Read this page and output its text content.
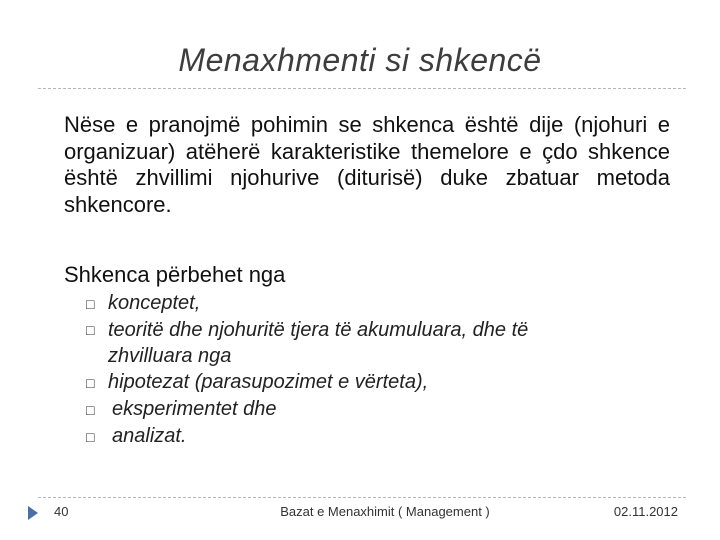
Menaxhmenti si shkencë
Nëse e pranojmë pohimin se shkenca është dije (njohuri e organizuar) atëherë karakteristike themelore e çdo shkence është zhvillimi njohurive (diturisë) duke zbatuar metoda shkencore.
Shkenca përbehet nga
□ konceptet,
□ teoritë dhe njohuritë tjera të akumuluara, dhe të
zhvilluara nga
□ hipotezat (parasupozimet e vërteta),
□ eksperimentet dhe
□ analizat.
40	Bazat e Menaxhimit ( Management )	02.11.2012
